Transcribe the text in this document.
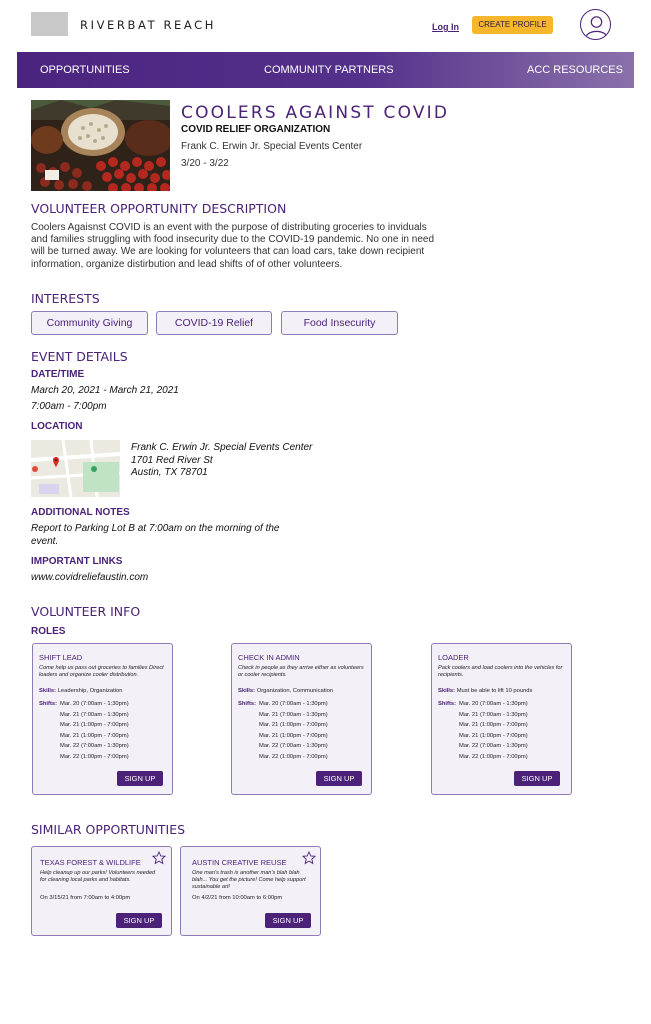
RIVERBAT REACH	Log In	CREATE PROFILE
OPPORTUNITIES	COMMUNITY PARTNERS	ACC RESOURCES
COOLERS AGAINST COVID
COVID RELIEF ORGANIZATION
Frank C. Erwin Jr. Special Events Center
3/20 - 3/22
VOLUNTEER OPPORTUNITY DESCRIPTION
Coolers Agaisnst COVID is an event with the purpose of distributing groceries to inviduals and families struggling with food insecurity due to the COVID-19 pandemic. No one in need will be turned away. We are looking for volunteers that can load cars, take down recipient information, organize distirbution and lead shifts of of other volunteers.
INTERESTS
Community Giving	COVID-19 Relief	Food Insecurity
EVENT DETAILS
DATE/TIME
March 20, 2021 - March 21, 2021
7:00am - 7:00pm
LOCATION
Frank C. Erwin Jr. Special Events Center
1701 Red River St
Austin, TX 78701
ADDITIONAL NOTES
Report to Parking Lot B at 7:00am on the morning of the
event.
IMPORTANT LINKS
www.covidreliefaustin.com
VOLUNTEER INFO
ROLES
SHIFT LEAD
Come help us pass out groceries to families Direct loaders and organize cooler distribution.
Skills: Leadership, Organization
Shifts: Mar. 20 (7:00am - 1:30pm)
Mar. 21 (7:00am - 1:30pm)
Mar. 21 (1:00pm - 7:00pm)
Mar. 21 (1:00pm - 7:00pm)
Mar. 22 (7:00am - 1:30pm)
Mar. 22 (1:00pm - 7:00pm)
SIGN UP
CHECK IN ADMIN
Check in people as they arrive either as volunteers or cooler recipients.
Skills: Organization, Communication
Shifts: Mar. 20 (7:00am - 1:30pm)
Mar. 21 (7:00am - 1:30pm)
Mar. 21 (1:00pm - 7:00pm)
Mar. 21 (1:00pm - 7:00pm)
Mar. 22 (7:00am - 1:30pm)
Mar. 22 (1:00pm - 7:00pm)
SIGN UP
LOADER
Pack coolers and load coolers into the vehicles for recipients.
Skills: Must be able to lift 10 pounds
Shifts: Mar. 20 (7:00am - 1:30pm)
Mar. 21 (7:00am - 1:30pm)
Mar. 21 (1:00pm - 7:00pm)
Mar. 21 (1:00pm - 7:00pm)
Mar. 22 (7:00am - 1:30pm)
Mar. 22 (1:00pm - 7:00pm)
SIGN UP
SIMILAR OPPORTUNITIES
TEXAS FOREST & WILDLIFE
Help cleanup up our parks! Volunteers needed for cleaning local parks and habitats.
On 3/15/21 from 7:00am to 4:00pm
SIGN UP
AUSTIN CREATIVE REUSE
One man's trash is another man's blah blah blah... You get the picture! Come help support sustainable art!
On 4/2/21 from 10:00am to 6:00pm
SIGN UP
